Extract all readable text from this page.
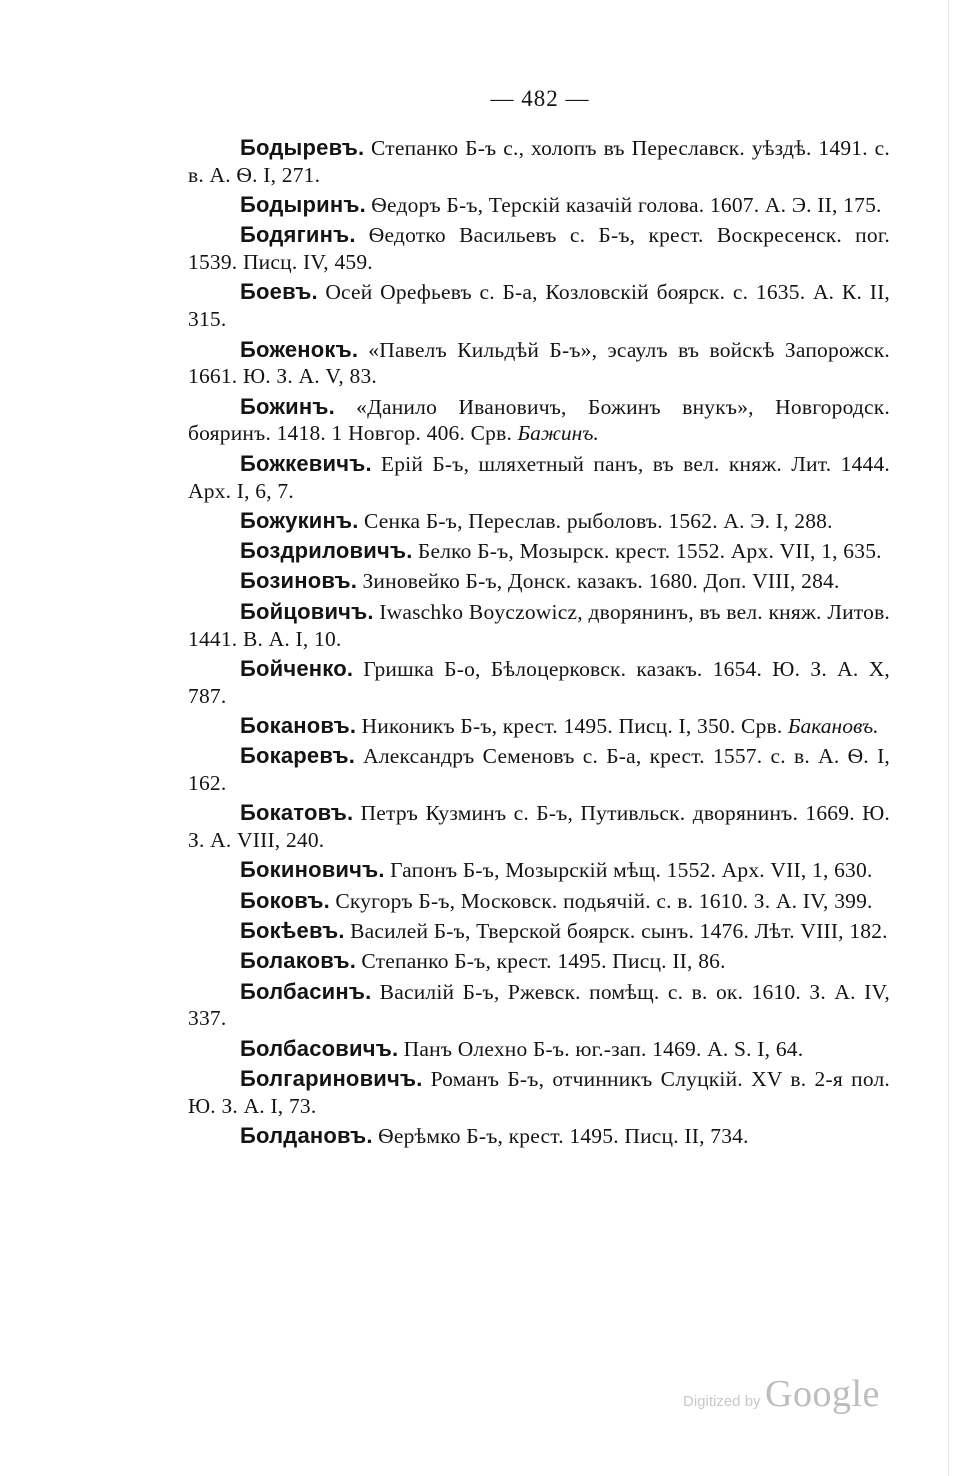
— 482 —

Бодыревъ. Степанко Б-ъ с., холопъ въ Переславск. уѣздѣ. 1491. с. в. А. Ѳ. I, 271.

Бодыринъ. Ѳедоръ Б-ъ, Терскій казачій голова. 1607. А. Э. II, 175.

Бодягинъ. Ѳедотко Васильевъ с. Б-ъ, крест. Воскресенск. пог. 1539. Писц. IV, 459.

Боевъ. Осей Орефьевъ с. Б-а, Козловскій боярск. с. 1635. А. К. II, 315.

Боженокъ. «Павелъ Кильдѣй Б-ъ», эсаулъ въ войскѣ Запорожск. 1661. Ю. З. А. V, 83.

Божинъ. «Данило Ивановичъ, Божинъ внукъ», Новгородск. бояринъ. 1418. 1 Новгор. 406. Срв. Бажинъ.

Божкевичъ. Ерій Б-ъ, шляхетный панъ, въ вел. княж. Лит. 1444. Арх. I, 6, 7.

Божукинъ. Сенка Б-ъ, Переслав. рыболовъ. 1562. А. Э. I, 288.

Боздриловичъ. Белко Б-ъ, Мозырск. крест. 1552. Арх. VII, 1, 635.

Бозиновъ. Зиновейко Б-ъ, Донск. казакъ. 1680. Доп. VIII, 284.

Бойцовичъ. Iwaschko Boyczowicz, дворянинъ, въ вел. княж. Литов. 1441. В. А. I, 10.

Бойченко. Гришка Б-о, Бѣлоцерковск. казакъ. 1654. Ю. З. А. X, 787.

Бокановъ. Никоникъ Б-ъ, крест. 1495. Писц. I, 350. Срв. Бакановъ.

Бокаревъ. Александръ Семеновъ с. Б-а, крест. 1557. с. в. А. Ѳ. I, 162.

Бокатовъ. Петръ Кузминъ с. Б-ъ, Путивльск. дворянинъ. 1669. Ю. З. А. VIII, 240.

Бокиновичъ. Гапонъ Б-ъ, Мозырскій мѣщ. 1552. Арх. VII, 1, 630.

Боковъ. Скугоръ Б-ъ, Московск. подьячій. с. в. 1610. З. А. IV, 399.

Бокѣевъ. Василей Б-ъ, Тверской боярск. сынъ. 1476. Лѣт. VIII, 182.

Болаковъ. Степанко Б-ъ, крест. 1495. Писц. II, 86.

Болбасинъ. Василій Б-ъ, Ржевск. помѣщ. с. в. ок. 1610. З. А. IV, 337.

Болбасовичъ. Панъ Олехно Б-ъ. юг.-зап. 1469. А. S. I, 64.

Болгариновичъ. Романъ Б-ъ, отчинникъ Слуцкій. XV в. 2-я пол. Ю. З. А. I, 73.

Болдановъ. Ѳерѣмко Б-ъ, крест. 1495. Писц. II, 734.

Digitized by Google
